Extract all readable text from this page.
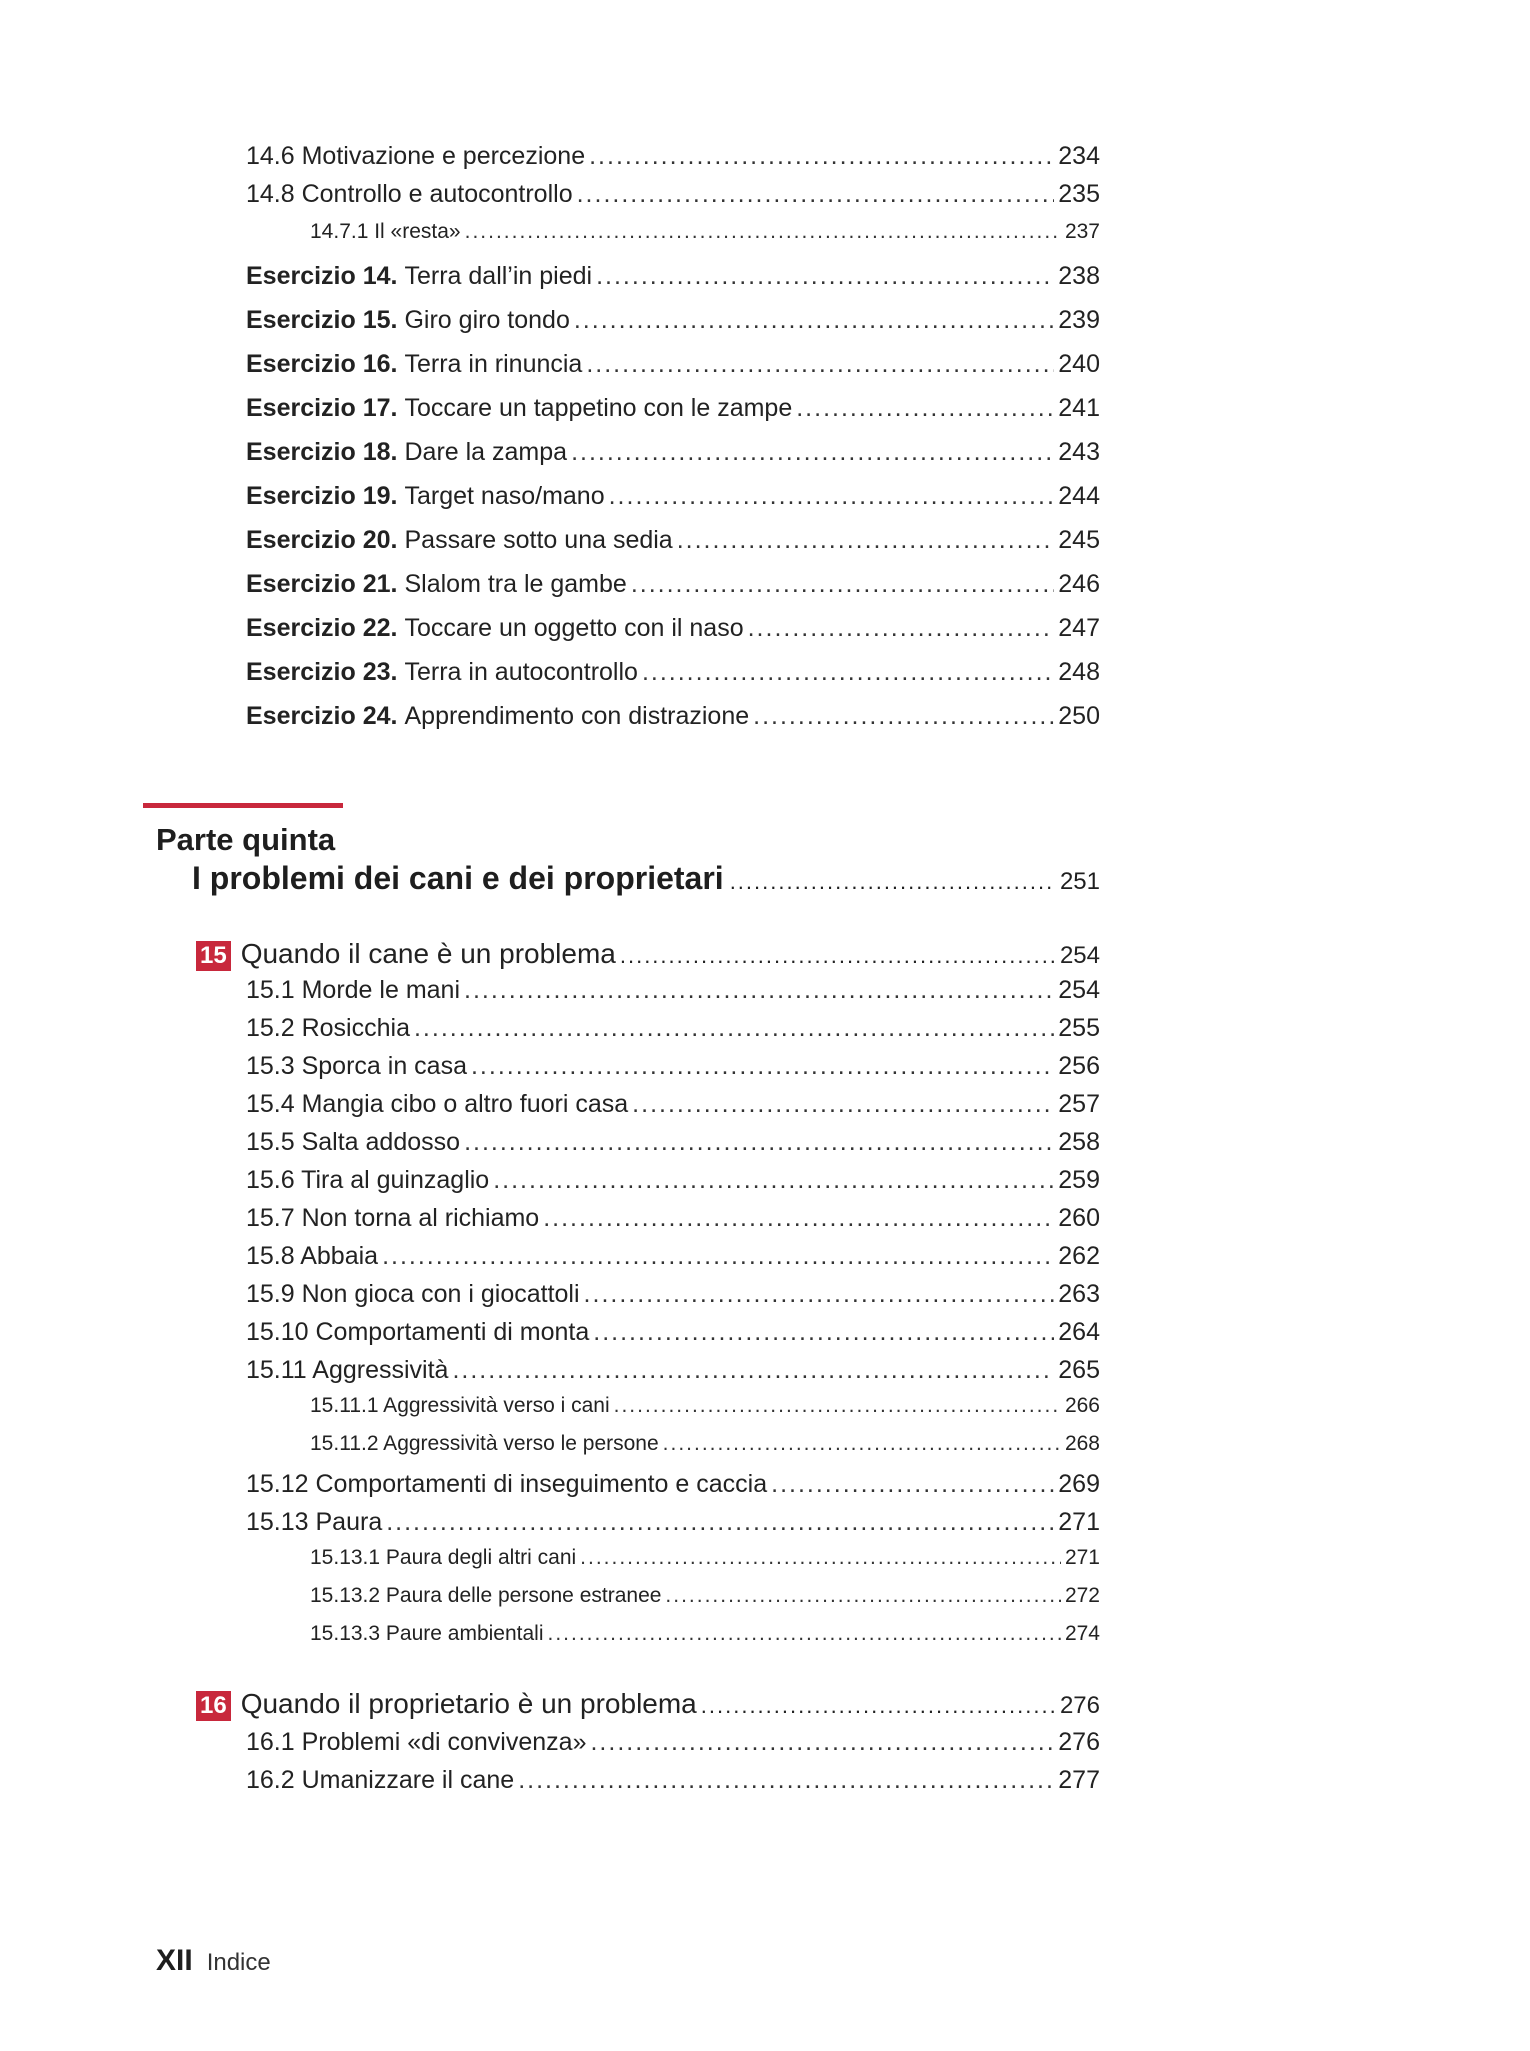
14.6 Motivazione e percezione .....	234
14.8 Controllo e autocontrollo .....	235
14.7.1 Il «resta» .....	237
Esercizio 14. Terra dall’in piedi .....	238
Esercizio 15. Giro giro tondo .....	239
Esercizio 16. Terra in rinuncia .....	240
Esercizio 17. Toccare un tappetino con le zampe .....	241
Esercizio 18. Dare la zampa .....	243
Esercizio 19. Target naso/mano .....	244
Esercizio 20. Passare sotto una sedia .....	245
Esercizio 21. Slalom tra le gambe .....	246
Esercizio 22. Toccare un oggetto con il naso .....	247
Esercizio 23. Terra in autocontrollo .....	248
Esercizio 24. Apprendimento con distrazione .....	250
Parte quinta
I problemi dei cani e dei proprietari .....	251
15 Quando il cane è un problema .....	254
15.1 Morde le mani .....	254
15.2 Rosicchia .....	255
15.3 Sporca in casa .....	256
15.4 Mangia cibo o altro fuori casa .....	257
15.5 Salta addosso .....	258
15.6 Tira al guinzaglio .....	259
15.7 Non torna al richiamo .....	260
15.8 Abbaia .....	262
15.9 Non gioca con i giocattoli .....	263
15.10 Comportamenti di monta .....	264
15.11 Aggressività .....	265
15.11.1 Aggressività verso i cani .....	266
15.11.2 Aggressività verso le persone .....	268
15.12 Comportamenti di inseguimento e caccia .....	269
15.13 Paura .....	271
15.13.1 Paura degli altri cani .....	271
15.13.2 Paura delle persone estranee .....	272
15.13.3 Paure ambientali .....	274
16 Quando il proprietario è un problema .....	276
16.1 Problemi «di convivenza» .....	276
16.2 Umanizzare il cane .....	277
XII Indice
